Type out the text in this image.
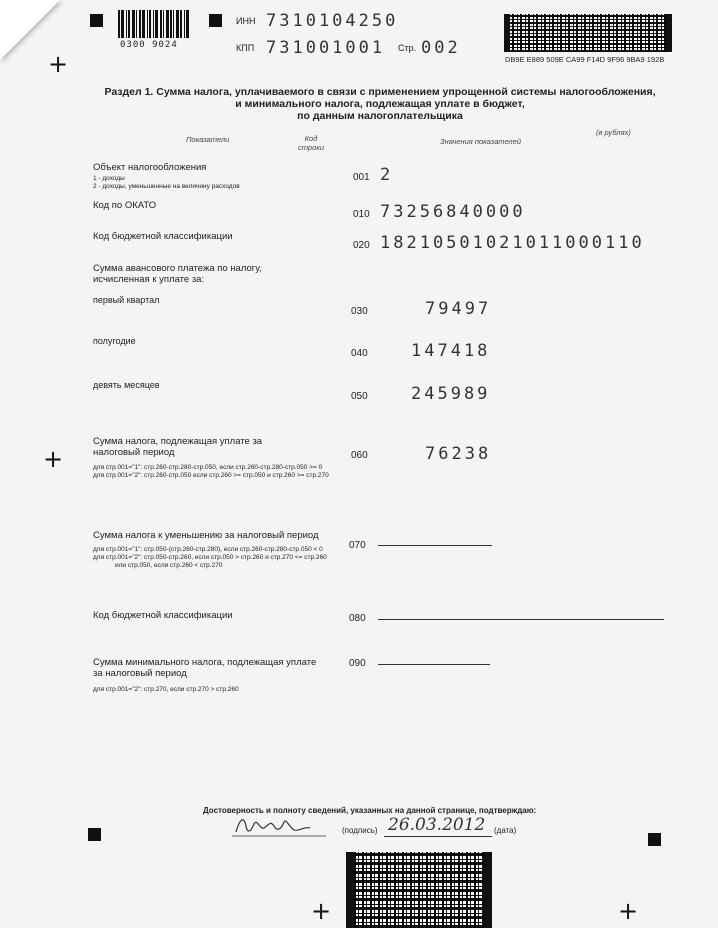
0300 9024
ИНН 7310104250
КПП 731001001 Стр. 002
DB9E E889 509E CA99 F14D 9F96 9BA9 192B
+
+
+	+
Раздел 1. Сумма налога, уплачиваемого в связи с применением упрощенной системы налогообложения,
и минимального налога, подлежащая уплате в бюджет,
по данным налогоплательщика
Показатели	Код
строки
Значения показателей
(в рублях)
Объект налогообложения
1 - доходы
2 - доходы, уменьшенные на величину расходов
001 2
Код по ОКАТО
010 73256840000
Код бюджетной классификации
020 18210501021011000110
Сумма авансового платежа по налогу,
исчисленная к уплате за:
первый квартал
030	79497
полугодие
040	147418
девять месяцев
050	245989
Сумма налога, подлежащая уплате за
налоговый период
для стр.001="1": стр.260-стр.280-стр.050, если стр.260-стр.280-стр.050 >= 0
для стр.001="2": стр.260-стр.050 если стр.260 >= стр.050 и стр.260 >= стр.270
060	76238
Сумма налога к уменьшению за налоговый период
для стр.001="1": стр.050-(стр.260-стр.280), если стр.260-стр.280-стр.050 < 0
для стр.001="2": стр.050-стр.260, если стр.050 > стр.260 и стр.270 <= стр.260
или стр.050, если стр.260 < стр.270
070
Код бюджетной классификации	080
Сумма минимального налога, подлежащая уплате
за налоговый период
для стр.001="2": стр.270, если стр.270 > стр.260
090
Достоверность и полноту сведений, указанных на данной странице, подтверждаю:
(подпись) 26.03.2012 (дата)
